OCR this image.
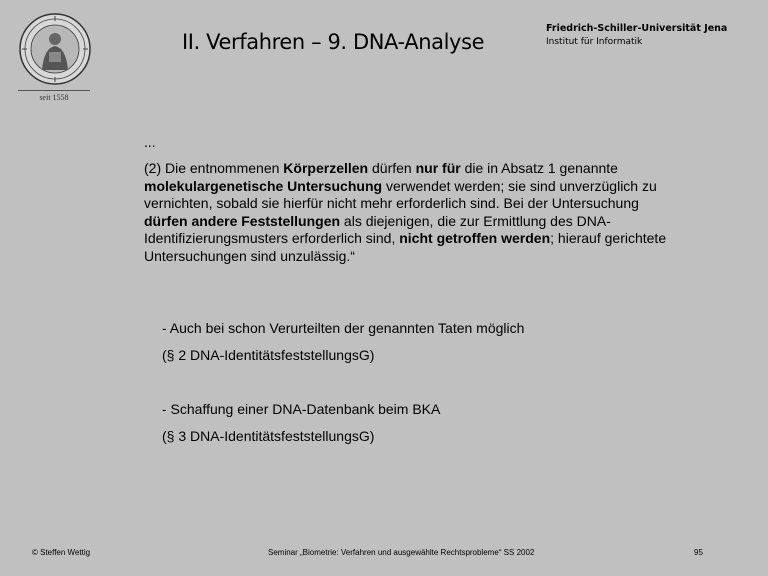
seit 1558
II. Verfahren – 9. DNA-Analyse
Friedrich-Schiller-Universität Jena
Institut für Informatik
...
(2) Die entnommenen Körperzellen dürfen nur für die in Absatz 1 genannte molekulargenetische Untersuchung verwendet werden; sie sind unverzüglich zu vernichten, sobald sie hierfür nicht mehr erforderlich sind. Bei der Untersuchung dürfen andere Feststellungen als diejenigen, die zur Ermittlung des DNA-Identifizierungsmusters erforderlich sind, nicht getroffen werden; hierauf gerichtete Untersuchungen sind unzulässig.“
- Auch bei schon Verurteilten der genannten Taten möglich
(§ 2 DNA-IdentitätsfeststellungsG)
- Schaffung einer DNA-Datenbank beim BKA
(§ 3 DNA-IdentitätsfeststellungsG)
© Steffen Wettig	Seminar „Biometrie: Verfahren und ausgewählte Rechtsprobleme“ SS 2002	95
